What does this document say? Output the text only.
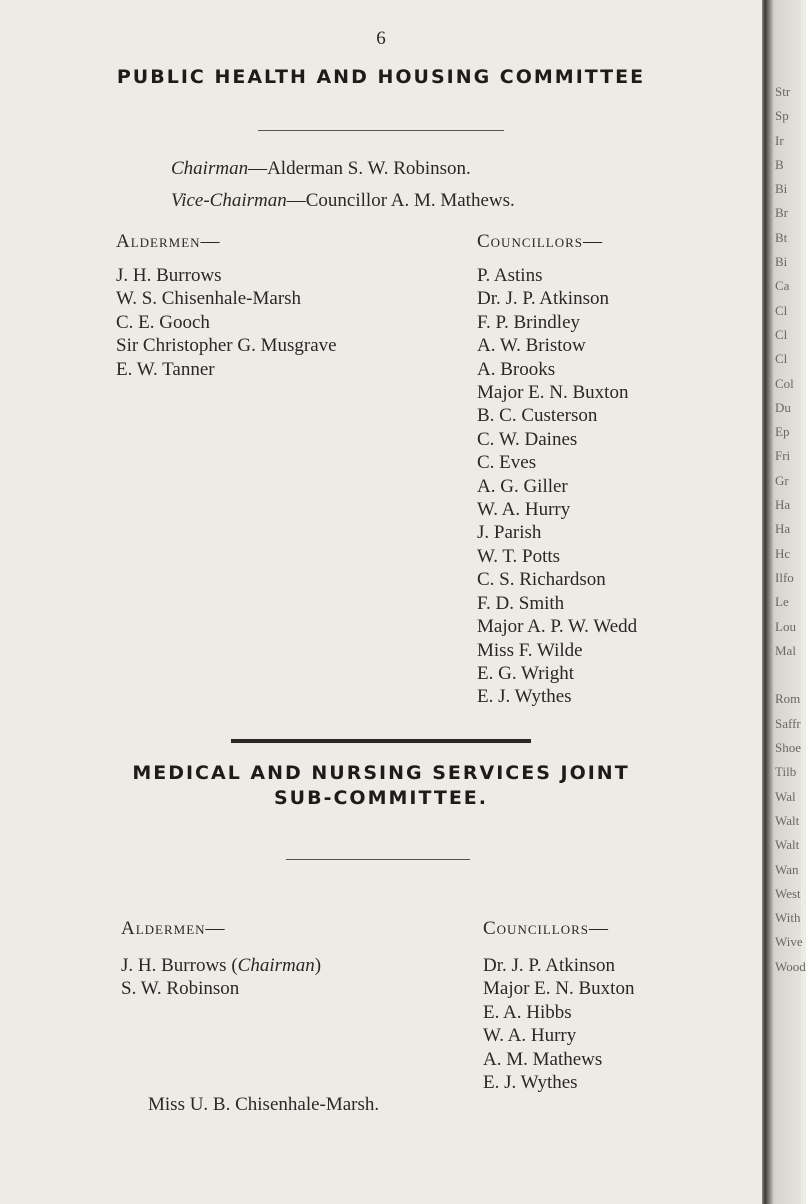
6
PUBLIC HEALTH AND HOUSING COMMITTEE
Chairman—Alderman S. W. Robinson.
Vice-Chairman—Councillor A. M. Mathews.
Aldermen—	Councillors—
J. H. Burrows
W. S. Chisenhale-Marsh
C. E. Gooch
Sir Christopher G. Musgrave
E. W. Tanner
P. Astins
Dr. J. P. Atkinson
F. P. Brindley
A. W. Bristow
A. Brooks
Major E. N. Buxton
B. C. Custerson
C. W. Daines
C. Eves
A. G. Giller
W. A. Hurry
J. Parish
W. T. Potts
C. S. Richardson
F. D. Smith
Major A. P. W. Wedd
Miss F. Wilde
E. G. Wright
E. J. Wythes
MEDICAL AND NURSING SERVICES JOINT
SUB-COMMITTEE.
Aldermen—	Councillors—
J. H. Burrows (Chairman)
S. W. Robinson
Dr. J. P. Atkinson
Major E. N. Buxton
E. A. Hibbs
W. A. Hurry
A. M. Mathews
E. J. Wythes
Miss U. B. Chisenhale-Marsh.
Str
Sp
Ir
B
Bi
Br
Bt
Bi
Ca
Cl
Cl
Cl
Col
Du
Ep
Fri
Gr
Ha
Ha
Hc
Ilfo
Le
Lou
Mal
Rom
Saffr
Shoe
Tilb
Wal
Walt
Walt
Wan
West
With
Wive
Wood
